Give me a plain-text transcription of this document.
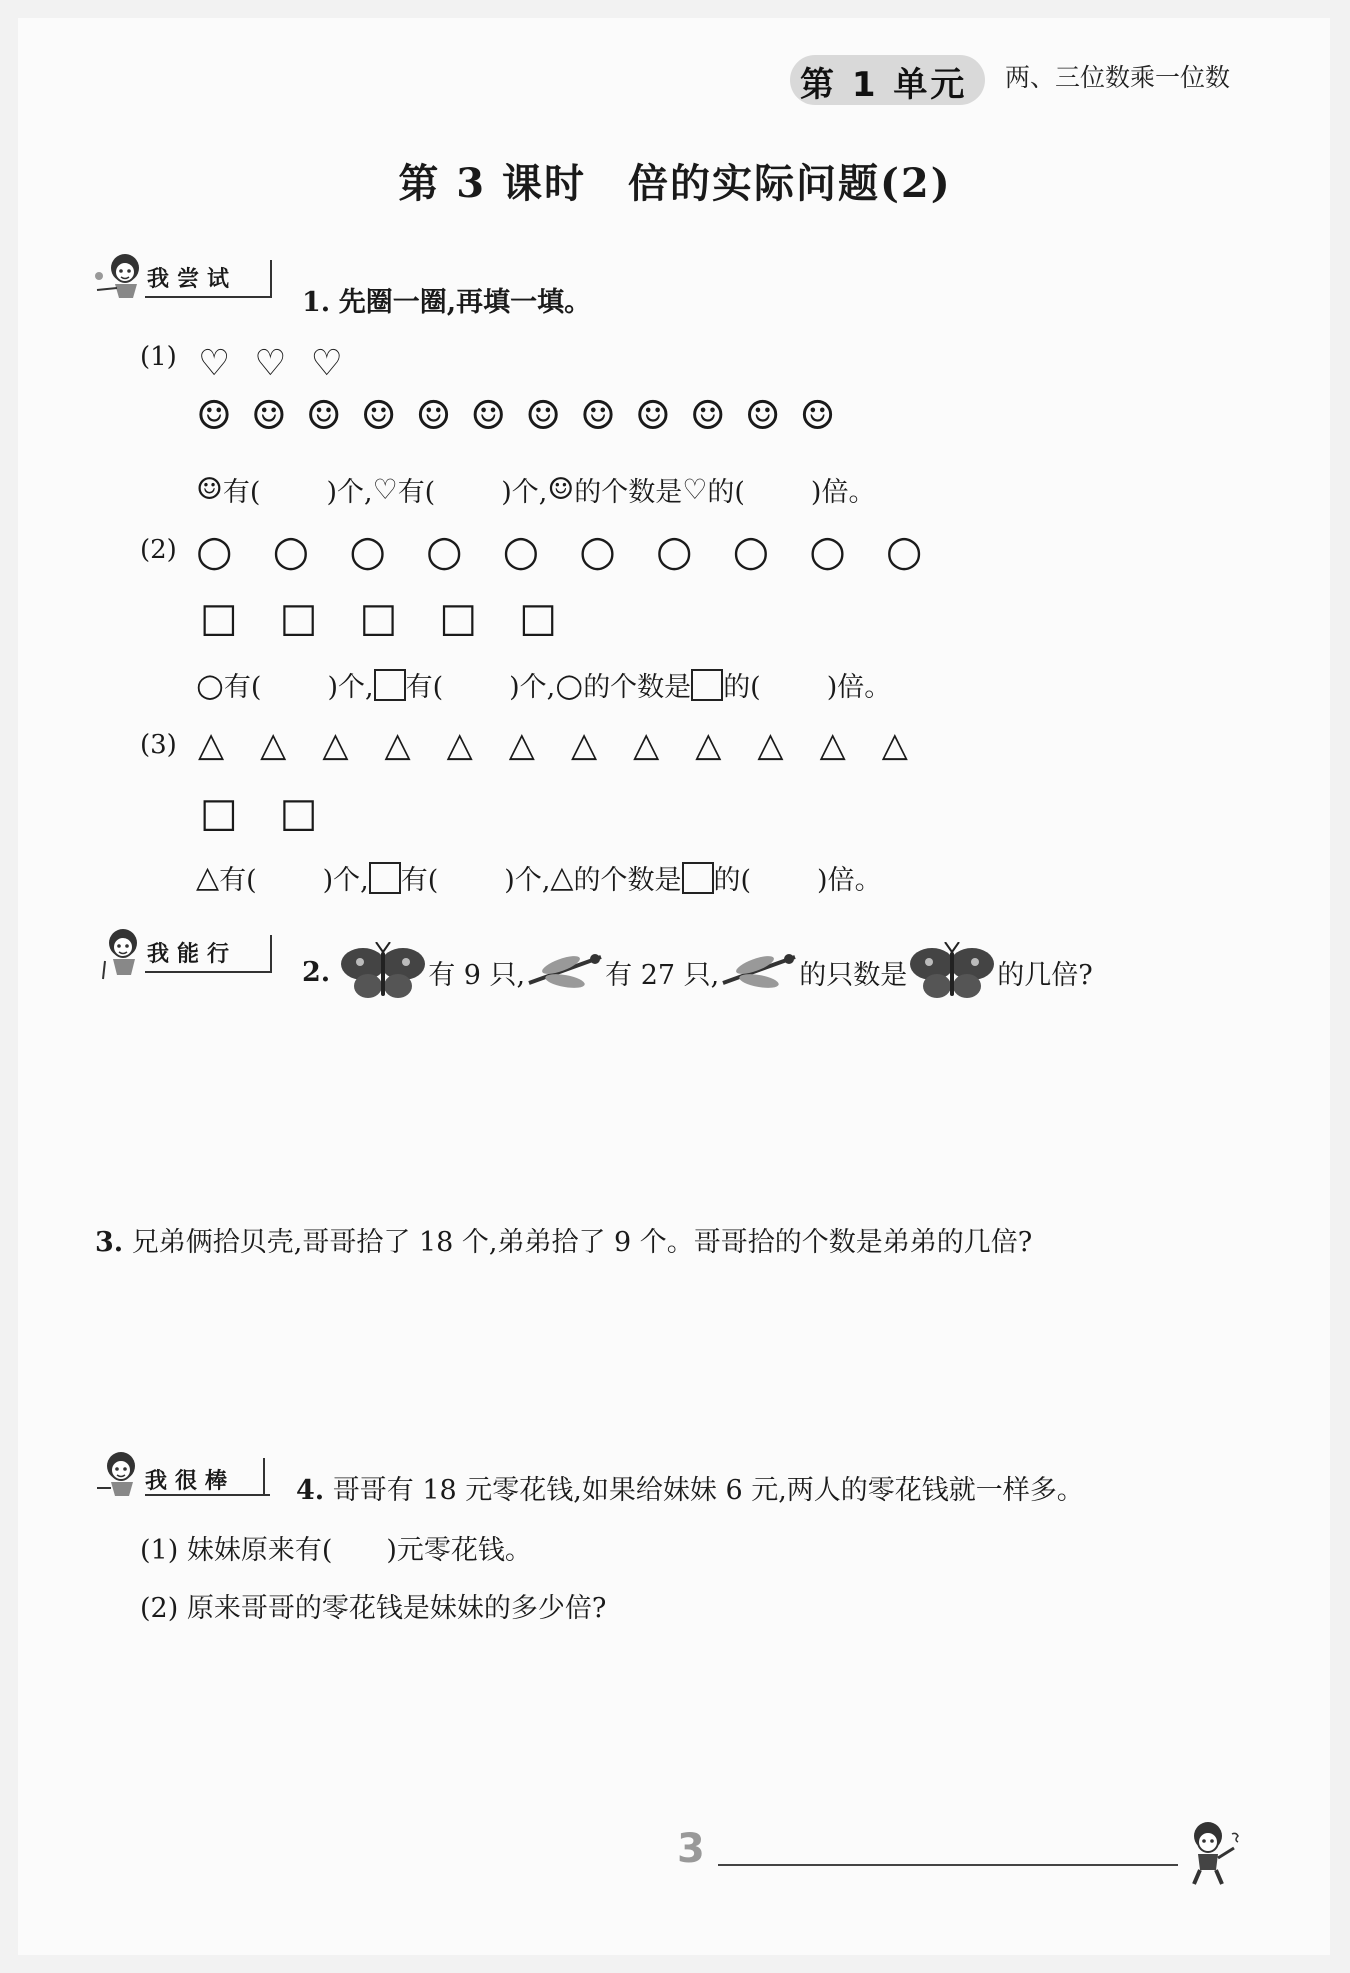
第 1 单元 两、三位数乘一位数
第 3 课时　倍的实际问题(2)
我尝试
1. 先圈一圈,再填一填。
(1) ♡ ♡ ♡
☺ ☺ ☺ ☺ ☺ ☺ ☺ ☺ ☺ ☺ ☺ ☺
☺ 有( )个, ♡ 有( )个, ☺ 的个数是 ♡ 的( )倍。
(2) ○ ○ ○ ○ ○ ○ ○ ○ ○ ○
□ □ □ □ □
○ 有( )个, 有( )个, ○ 的个数是 的( )倍。
(3) △ △ △ △ △ △ △ △ △ △ △ △
□ □
△ 有( )个, 有( )个, △ 的个数是 的( )倍。
我能行
2.	有 9 只,	有 27 只,	的只数是	的几倍?
3. 兄弟俩拾贝壳,哥哥拾了 18 个,弟弟拾了 9 个。哥哥拾的个数是弟弟的几倍?
我很棒 4. 哥哥有 18 元零花钱,如果给妹妹 6 元,两人的零花钱就一样多。
(1) 妹妹原来有(　　)元零花钱。
(2) 原来哥哥的零花钱是妹妹的多少倍?
3
